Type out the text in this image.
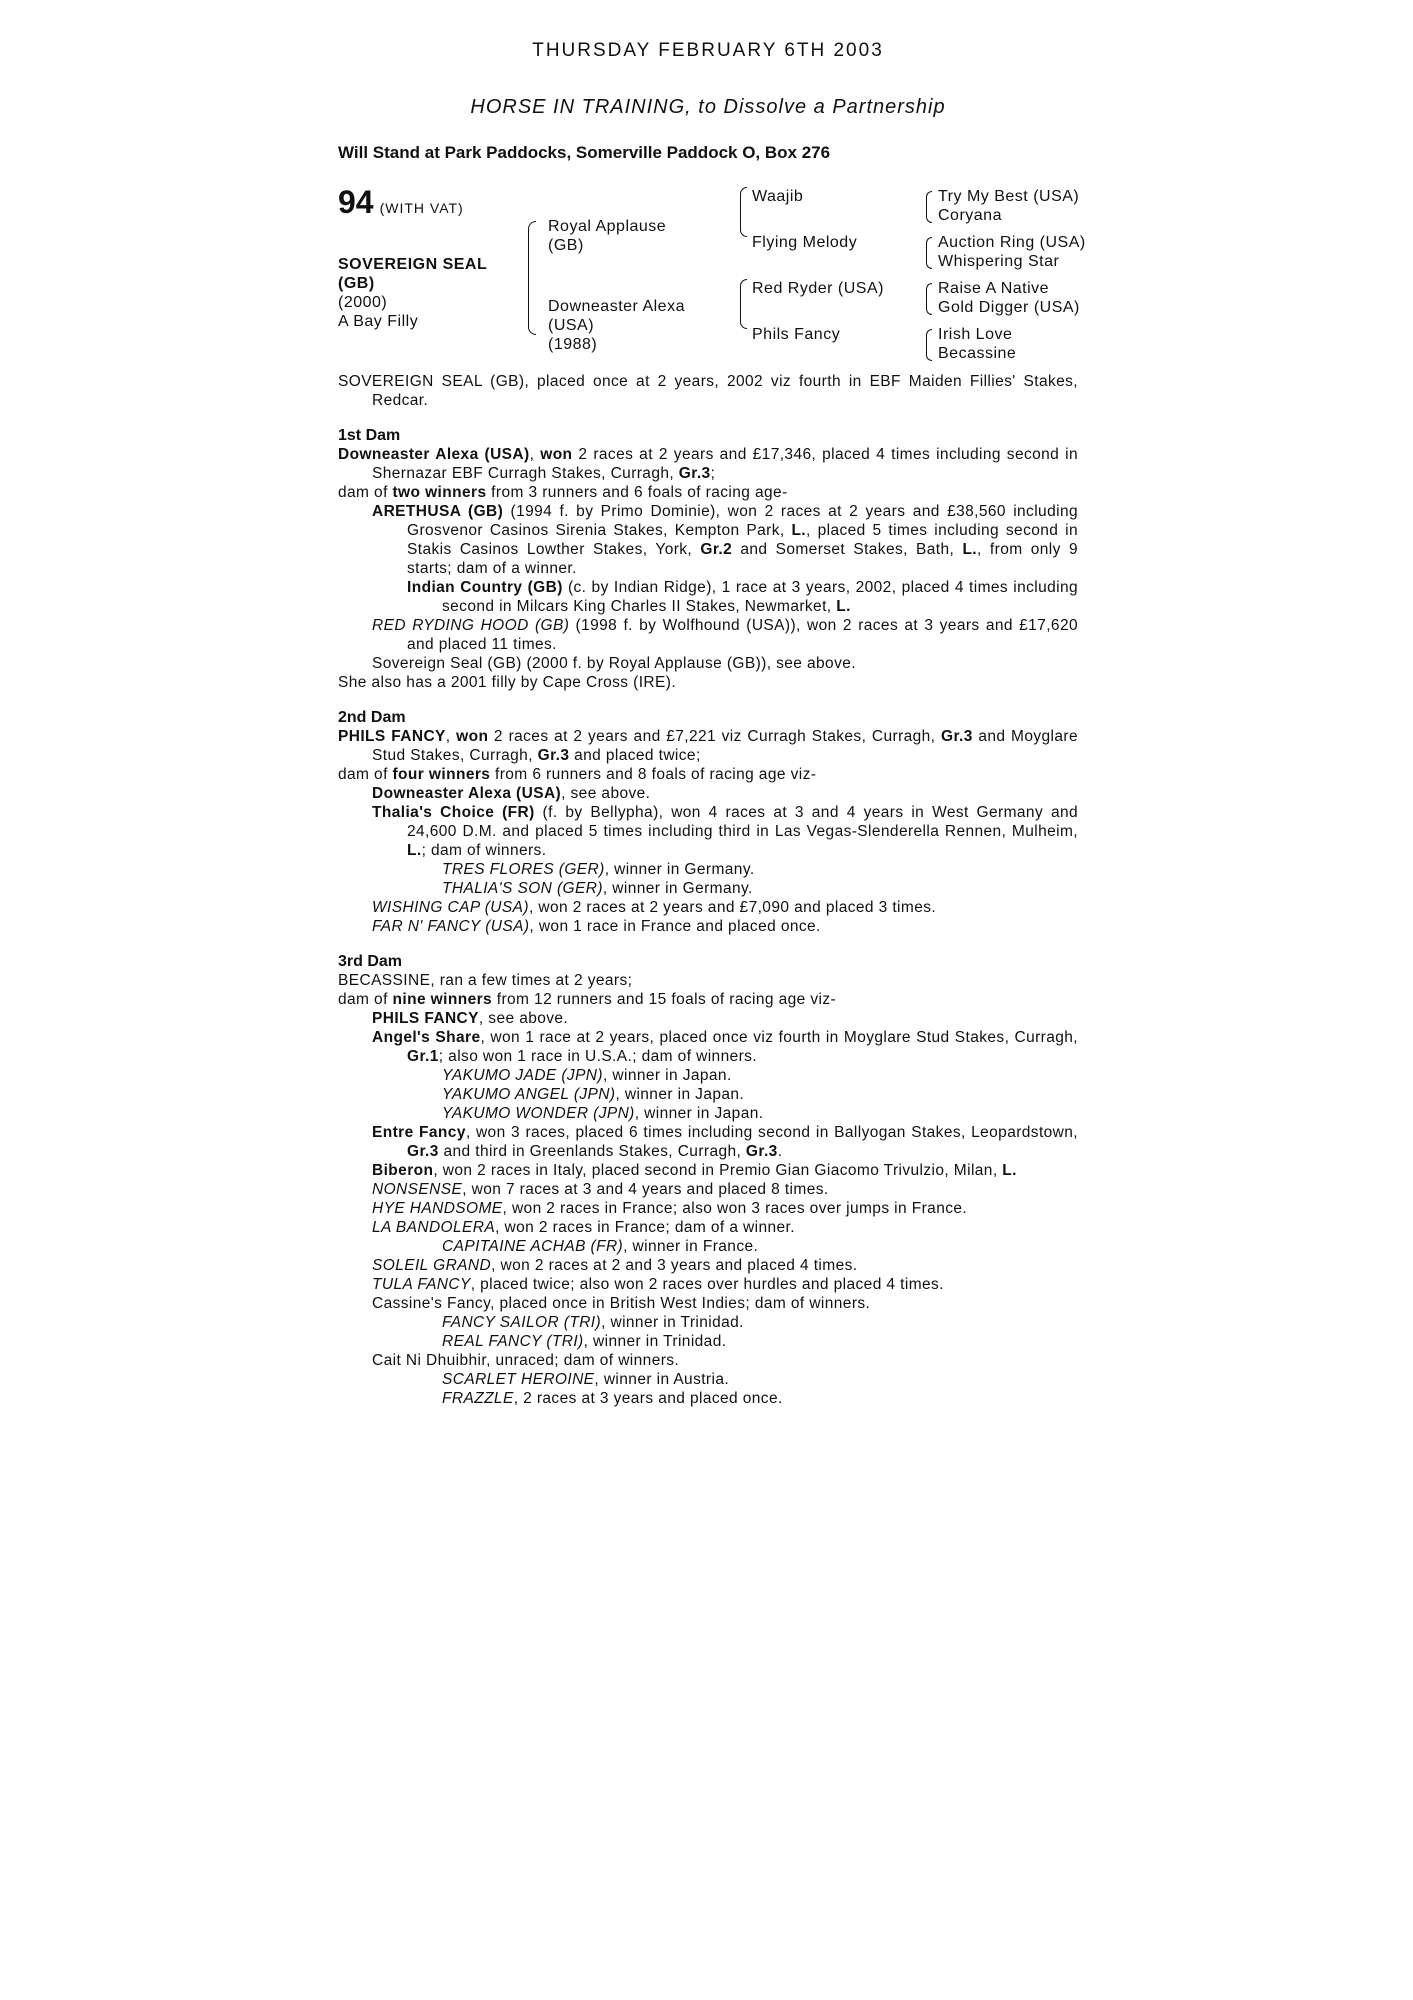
THURSDAY FEBRUARY 6TH 2003
HORSE IN TRAINING, to Dissolve a Partnership
Will Stand at Park Paddocks, Somerville Paddock O, Box 276
94 (WITH VAT)
SOVEREIGN SEAL
(GB)
(2000)
A Bay Filly
Royal Applause
(GB)
Downeaster Alexa
(USA)
(1988)
Waajib
Flying Melody
Red Ryder (USA)
Phils Fancy
Try My Best (USA)
Coryana
Auction Ring (USA)
Whispering Star
Raise A Native
Gold Digger (USA)
Irish Love
Becassine
SOVEREIGN SEAL (GB), placed once at 2 years, 2002 viz fourth in EBF Maiden Fillies' Stakes, Redcar.
1st Dam
Downeaster Alexa (USA), won 2 races at 2 years and £17,346, placed 4 times including second in Shernazar EBF Curragh Stakes, Curragh, Gr.3;
dam of two winners from 3 runners and 6 foals of racing age-
ARETHUSA (GB) (1994 f. by Primo Dominie), won 2 races at 2 years and £38,560 including Grosvenor Casinos Sirenia Stakes, Kempton Park, L., placed 5 times including second in Stakis Casinos Lowther Stakes, York, Gr.2 and Somerset Stakes, Bath, L., from only 9 starts; dam of a winner.
Indian Country (GB) (c. by Indian Ridge), 1 race at 3 years, 2002, placed 4 times including second in Milcars King Charles II Stakes, Newmarket, L.
RED RYDING HOOD (GB) (1998 f. by Wolfhound (USA)), won 2 races at 3 years and £17,620 and placed 11 times.
Sovereign Seal (GB) (2000 f. by Royal Applause (GB)), see above.
She also has a 2001 filly by Cape Cross (IRE).
2nd Dam
PHILS FANCY, won 2 races at 2 years and £7,221 viz Curragh Stakes, Curragh, Gr.3 and Moyglare Stud Stakes, Curragh, Gr.3 and placed twice;
dam of four winners from 6 runners and 8 foals of racing age viz-
Downeaster Alexa (USA), see above.
Thalia's Choice (FR) (f. by Bellypha), won 4 races at 3 and 4 years in West Germany and 24,600 D.M. and placed 5 times including third in Las Vegas-Slenderella Rennen, Mulheim, L.; dam of winners.
TRES FLORES (GER), winner in Germany.
THALIA'S SON (GER), winner in Germany.
WISHING CAP (USA), won 2 races at 2 years and £7,090 and placed 3 times.
FAR N' FANCY (USA), won 1 race in France and placed once.
3rd Dam
BECASSINE, ran a few times at 2 years;
dam of nine winners from 12 runners and 15 foals of racing age viz-
PHILS FANCY, see above.
Angel's Share, won 1 race at 2 years, placed once viz fourth in Moyglare Stud Stakes, Curragh, Gr.1; also won 1 race in U.S.A.; dam of winners.
YAKUMO JADE (JPN), winner in Japan.
YAKUMO ANGEL (JPN), winner in Japan.
YAKUMO WONDER (JPN), winner in Japan.
Entre Fancy, won 3 races, placed 6 times including second in Ballyogan Stakes, Leopardstown, Gr.3 and third in Greenlands Stakes, Curragh, Gr.3.
Biberon, won 2 races in Italy, placed second in Premio Gian Giacomo Trivulzio, Milan, L.
NONSENSE, won 7 races at 3 and 4 years and placed 8 times.
HYE HANDSOME, won 2 races in France; also won 3 races over jumps in France.
LA BANDOLERA, won 2 races in France; dam of a winner.
CAPITAINE ACHAB (FR), winner in France.
SOLEIL GRAND, won 2 races at 2 and 3 years and placed 4 times.
TULA FANCY, placed twice; also won 2 races over hurdles and placed 4 times.
Cassine's Fancy, placed once in British West Indies; dam of winners.
FANCY SAILOR (TRI), winner in Trinidad.
REAL FANCY (TRI), winner in Trinidad.
Cait Ni Dhuibhir, unraced; dam of winners.
SCARLET HEROINE, winner in Austria.
FRAZZLE, 2 races at 3 years and placed once.
